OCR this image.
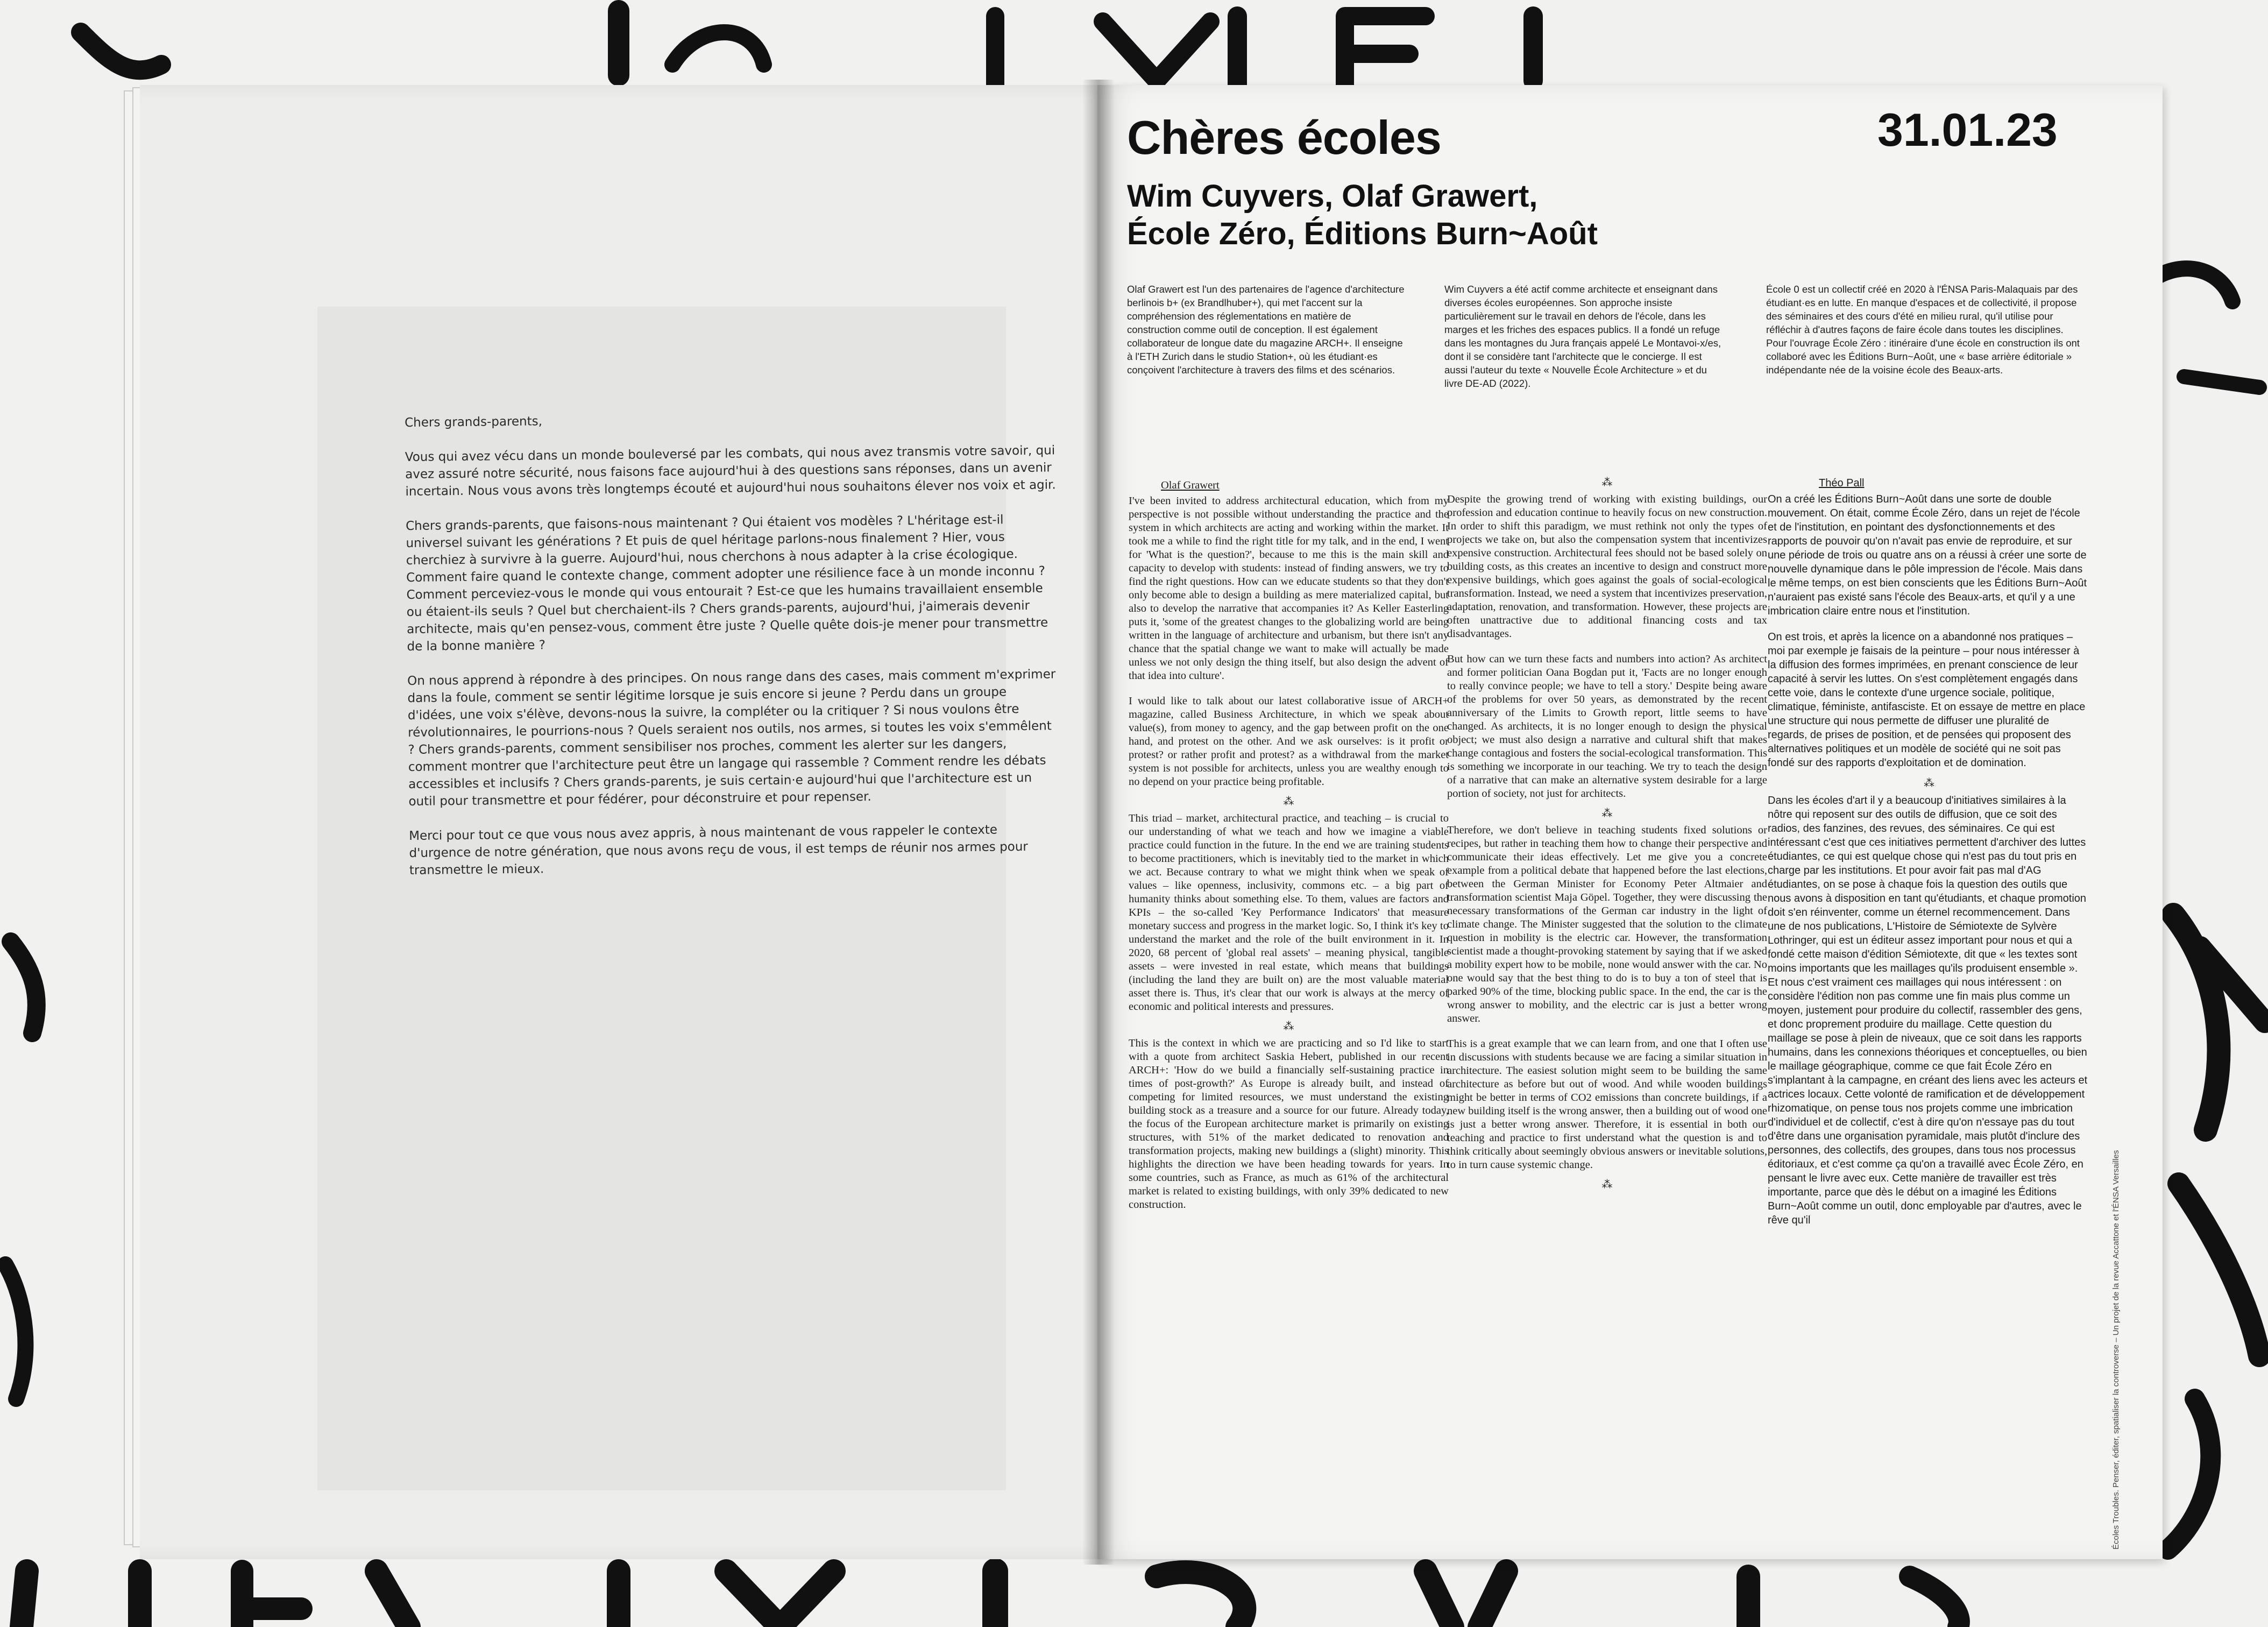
Chers grands-parents,

Vous qui avez vécu dans un monde bouleversé par les combats, qui nous avez transmis votre savoir, qui avez assuré notre sécurité, nous faisons face aujourd'hui à des questions sans réponses, dans un avenir incertain. Nous vous avons très longtemps écouté et aujourd'hui nous souhaitons élever nos voix et agir.

Chers grands-parents, que faisons-nous maintenant ? Qui étaient vos modèles ? L'héritage est-il universel suivant les générations ? Et puis de quel héritage parlons-nous finalement ? Hier, vous cherchiez à survivre à la guerre. Aujourd'hui, nous cherchons à nous adapter à la crise écologique. Comment faire quand le contexte change, comment adopter une résilience face à un monde inconnu ? Comment perceviez-vous le monde qui vous entourait ? Est-ce que les humains travaillaient ensemble ou étaient-ils seuls ? Quel but cherchaient-ils ? Chers grands-parents, aujourd'hui, j'aimerais devenir architecte, mais qu'en pensez-vous, comment être juste ? Quelle quête dois-je mener pour transmettre de la bonne manière ?

On nous apprend à répondre à des principes. On nous range dans des cases, mais comment m'exprimer dans la foule, comment se sentir légitime lorsque je suis encore si jeune ? Perdu dans un groupe d'idées, une voix s'élève, devons-nous la suivre, la compléter ou la critiquer ? Si nous voulons être révolutionnaires, le pourrions-nous ? Quels seraient nos outils, nos armes, si toutes les voix s'emmêlent ? Chers grands-parents, comment sensibiliser nos proches, comment les alerter sur les dangers, comment montrer que l'architecture peut être un langage qui rassemble ? Comment rendre les débats accessibles et inclusifs ? Chers grands-parents, je suis certain·e aujourd'hui que l'architecture est un outil pour transmettre et pour fédérer, pour déconstruire et pour repenser.

Merci pour tout ce que vous nous avez appris, à nous maintenant de vous rappeler le contexte d'urgence de notre génération, que nous avons reçu de vous, il est temps de réunir nos armes pour transmettre le mieux.

Chères écoles	31.01.23
Wim Cuyvers, Olaf Grawert,
École Zéro, Éditions Burn~Août
Olaf Grawert est l'un des partenaires de l'agence d'architecture berlinois b+ (ex Brandlhuber+), qui met l'accent sur la compréhension des réglementations en matière de construction comme outil de conception. Il est également collaborateur de longue date du magazine ARCH+. Il enseigne à l'ETH Zurich dans le studio Station+, où les étudiant·es conçoivent l'architecture à travers des films et des scénarios.
Wim Cuyvers a été actif comme architecte et enseignant dans diverses écoles européennes. Son approche insiste particulièrement sur le travail en dehors de l'école, dans les marges et les friches des espaces publics. Il a fondé un refuge dans les montagnes du Jura français appelé Le Montavoi-x/es, dont il se considère tant l'architecte que le concierge. Il est aussi l'auteur du texte « Nouvelle École Architecture » et du livre DE-AD (2022).
École 0 est un collectif créé en 2020 à l'ÉNSA Paris-Malaquais par des étudiant·es en lutte. En manque d'espaces et de collectivité, il propose des séminaires et des cours d'été en milieu rural, qu'il utilise pour réfléchir à d'autres façons de faire école dans toutes les disciplines. Pour l'ouvrage École Zéro : itinéraire d'une école en construction ils ont collaboré avec les Éditions Burn~Août, une « base arrière éditoriale » indépendante née de la voisine école des Beaux-arts.
Olaf Grawert

I've been invited to address architectural education, which from my perspective is not possible without understanding the practice and the system in which architects are acting and working within the market. It took me a while to find the right title for my talk, and in the end, I went for 'What is the question?', because to me this is the main skill and capacity to develop with students: instead of finding answers, we try to find the right questions. How can we educate students so that they don't only become able to design a building as mere materialized capital, but also to develop the narrative that accompanies it? As Keller Easterling puts it, 'some of the greatest changes to the globalizing world are being written in the language of architecture and urbanism, but there isn't any chance that the spatial change we want to make will actually be made unless we not only design the thing itself, but also design the advent of that idea into culture'.

I would like to talk about our latest collaborative issue of ARCH+ magazine, called Business Architecture, in which we speak about value(s), from money to agency, and the gap between profit on the one hand, and protest on the other. And we ask ourselves: is it profit or protest? or rather profit and protest? as a withdrawal from the market system is not possible for architects, unless you are wealthy enough to no depend on your practice being profitable.

⁂

This triad – market, architectural practice, and teaching – is crucial to our understanding of what we teach and how we imagine a viable practice could function in the future. In the end we are training students to become practitioners, which is inevitably tied to the market in which we act. Because contrary to what we might think when we speak of values – like openness, inclusivity, commons etc. – a big part of humanity thinks about something else. To them, values are factors and KPIs – the so-called 'Key Performance Indicators' that measure monetary success and progress in the market logic. So, I think it's key to understand the market and the role of the built environment in it. In 2020, 68 percent of 'global real assets' – meaning physical, tangible assets – were invested in real estate, which means that buildings (including the land they are built on) are the most valuable material asset there is. Thus, it's clear that our work is always at the mercy of economic and political interests and pressures.

⁂

This is the context in which we are practicing and so I'd like to start with a quote from architect Saskia Hebert, published in our recent ARCH+: 'How do we build a financially self-sustaining practice in times of post-growth?' As Europe is already built, and instead of competing for limited resources, we must understand the existing building stock as a treasure and a source for our future. Already today, the focus of the European architecture market is primarily on existing structures, with 51% of the market dedicated to renovation and transformation projects, making new buildings a (slight) minority. This highlights the direction we have been heading towards for years. In some countries, such as France, as much as 61% of the architectural market is related to existing buildings, with only 39% dedicated to new construction.

⁂

Despite the growing trend of working with existing buildings, our profession and education continue to heavily focus on new construction. In order to shift this paradigm, we must rethink not only the types of projects we take on, but also the compensation system that incentivizes expensive construction. Architectural fees should not be based solely on building costs, as this creates an incentive to design and construct more expensive buildings, which goes against the goals of social-ecological transformation. Instead, we need a system that incentivizes preservation, adaptation, renovation, and transformation. However, these projects are often unattractive due to additional financing costs and tax disadvantages.

But how can we turn these facts and numbers into action? As architect and former politician Oana Bogdan put it, 'Facts are no longer enough to really convince people; we have to tell a story.' Despite being aware of the problems for over 50 years, as demonstrated by the recent anniversary of the Limits to Growth report, little seems to have changed. As architects, it is no longer enough to design the physical object; we must also design a narrative and cultural shift that makes change contagious and fosters the social-ecological transformation. This is something we incorporate in our teaching. We try to teach the design of a narrative that can make an alternative system desirable for a large portion of society, not just for architects.

⁂

Therefore, we don't believe in teaching students fixed solutions or recipes, but rather in teaching them how to change their perspective and communicate their ideas effectively. Let me give you a concrete example from a political debate that happened before the last elections, between the German Minister for Economy Peter Altmaier and transformation scientist Maja Göpel. Together, they were discussing the necessary transformations of the German car industry in the light of climate change. The Minister suggested that the solution to the climate question in mobility is the electric car. However, the transformation scientist made a thought-provoking statement by saying that if we asked a mobility expert how to be mobile, none would answer with the car. No one would say that the best thing to do is to buy a ton of steel that is parked 90% of the time, blocking public space. In the end, the car is the wrong answer to mobility, and the electric car is just a better wrong answer.

This is a great example that we can learn from, and one that I often use in discussions with students because we are facing a similar situation in architecture. The easiest solution might seem to be building the same architecture as before but out of wood. And while wooden buildings might be better in terms of CO2 emissions than concrete buildings, if a new building itself is the wrong answer, then a building out of wood one is just a better wrong answer. Therefore, it is essential in both our teaching and practice to first understand what the question is and to think critically about seemingly obvious answers or inevitable solutions, to in turn cause systemic change.

⁂
Théo Pall

On a créé les Éditions Burn~Août dans une sorte de double mouvement. On était, comme École Zéro, dans un rejet de l'école et de l'institution, en pointant des dysfonctionnements et des rapports de pouvoir qu'on n'avait pas envie de reproduire, et sur une période de trois ou quatre ans on a réussi à créer une sorte de nouvelle dynamique dans le pôle impression de l'école. Mais dans le même temps, on est bien conscients que les Éditions Burn~Août n'auraient pas existé sans l'école des Beaux-arts, et qu'il y a une imbrication claire entre nous et l'institution.

On est trois, et après la licence on a abandonné nos pratiques – moi par exemple je faisais de la peinture – pour nous intéresser à la diffusion des formes imprimées, en prenant conscience de leur capacité à servir les luttes. On s'est complètement engagés dans cette voie, dans le contexte d'une urgence sociale, politique, climatique, féministe, antifasciste. Et on essaye de mettre en place une structure qui nous permette de diffuser une pluralité de regards, de prises de position, et de pensées qui proposent des alternatives politiques et un modèle de société qui ne soit pas fondé sur des rapports d'exploitation et de domination.

⁂

Dans les écoles d'art il y a beaucoup d'initiatives similaires à la nôtre qui reposent sur des outils de diffusion, que ce soit des radios, des fanzines, des revues, des séminaires. Ce qui est intéressant c'est que ces initiatives permettent d'archiver des luttes étudiantes, ce qui est quelque chose qui n'est pas du tout pris en charge par les institutions. Et pour avoir fait pas mal d'AG étudiantes, on se pose à chaque fois la question des outils que nous avons à disposition en tant qu'étudiants, et chaque promotion doit s'en réinventer, comme un éternel recommencement. Dans une de nos publications, L'Histoire de Sémiotexte de Sylvère Lothringer, qui est un éditeur assez important pour nous et qui a fondé cette maison d'édition Sémiotexte, dit que « les textes sont moins importants que les maillages qu'ils produisent ensemble ». Et nous c'est vraiment ces maillages qui nous intéressent : on considère l'édition non pas comme une fin mais plus comme un moyen, justement pour produire du collectif, rassembler des gens, et donc proprement produire du maillage. Cette question du maillage se pose à plein de niveaux, que ce soit dans les rapports humains, dans les connexions théoriques et conceptuelles, ou bien le maillage géographique, comme ce que fait École Zéro en s'implantant à la campagne, en créant des liens avec les acteurs et actrices locaux. Cette volonté de ramification et de développement rhizomatique, on pense tous nos projets comme une imbrication d'individuel et de collectif, c'est à dire qu'on n'essaye pas du tout d'être dans une organisation pyramidale, mais plutôt d'inclure des personnes, des collectifs, des groupes, dans tous nos processus éditoriaux, et c'est comme ça qu'on a travaillé avec École Zéro, en pensant le livre avec eux. Cette manière de travailler est très importante, parce que dès le début on a imaginé les Éditions Burn~Août comme un outil, donc employable par d'autres, avec le rêve qu'il	Écoles Troubles. Penser, éditer, spatialiser la controverse – Un projet de la revue Accattone et l'ÉNSA Versailles
